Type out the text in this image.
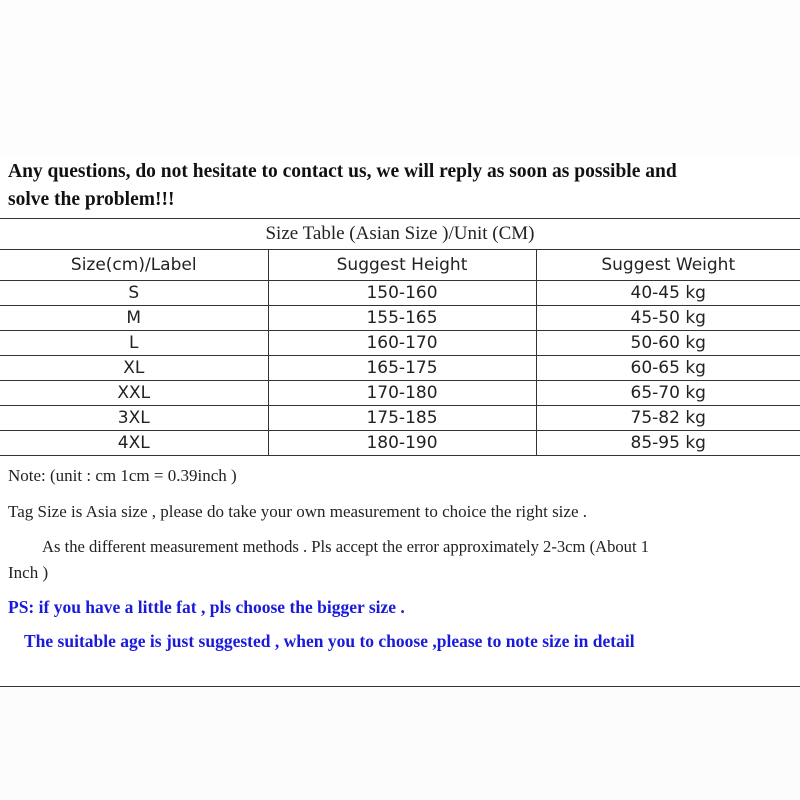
Any questions, do not hesitate to contact us, we will reply as soon as possible and
solve the problem!!!
Size Table (Asian Size )/Unit (CM)		
Size(cm)/Label	Suggest Height	Suggest Weight
S	150-160	40-45 kg
M	155-165	45-50 kg
L	160-170	50-60 kg
XL	165-175	60-65 kg
XXL	170-180	65-70 kg
3XL	175-185	75-82 kg
4XL	180-190	85-95 kg
Note: (unit : cm 1cm = 0.39inch )
Tag Size is Asia size , please do take your own measurement to choice the right size .
As the different measurement methods . Pls accept the error approximately 2-3cm (About 1
Inch )
PS: if you have a little fat , pls choose the bigger size .
The suitable age is just suggested , when you to choose ,please to note size in detail
